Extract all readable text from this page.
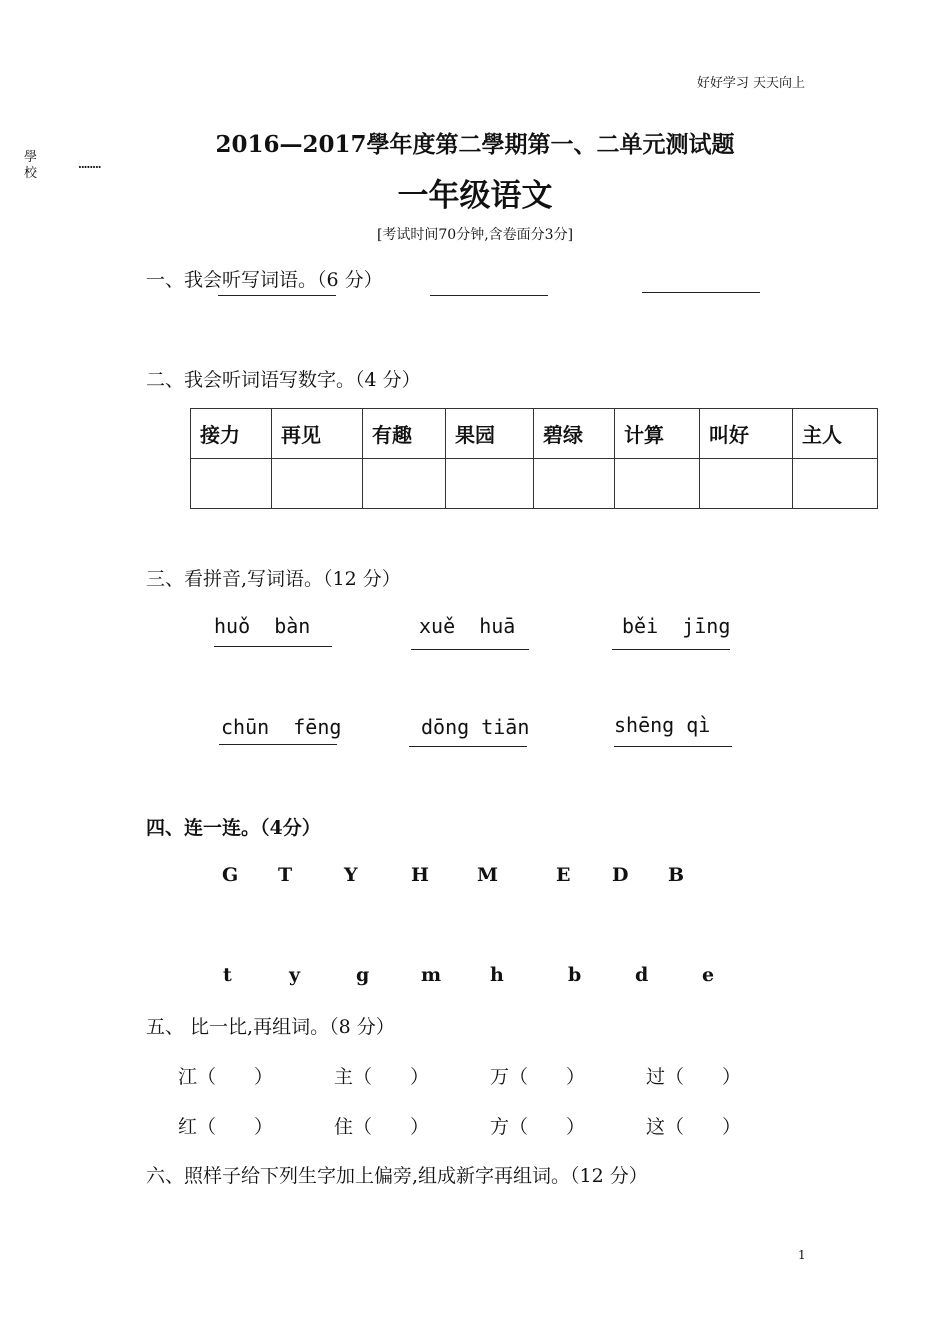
好好学习 天天向上
學校
........
2016—2017學年度第二學期第一、二单元测试题
一年级语文
[考试时间70分钟,含卷面分3分]
一、我会听写词语。（6 分）
二、我会听词语写数字。（4 分）
接力	再见	有趣	果园	碧绿	计算	叫好	主人

三、看拼音,写词语。（12 分）
huǒ  bàn	xuě  huā	běi  jīng
chūn  fēng	dōng tiān	shēng qì
四、连一连。（4分）
G T	Y	H	M	E D B
t	y	g	m	h	b	d	e
五、 比一比,再组词。（8 分）
江（　　）	主（　　）	万（　　）	过（　　）
红（　　）	住（　　）	方（　　）	这（　　）
六、照样子给下列生字加上偏旁,组成新字再组词。（12 分）
1
